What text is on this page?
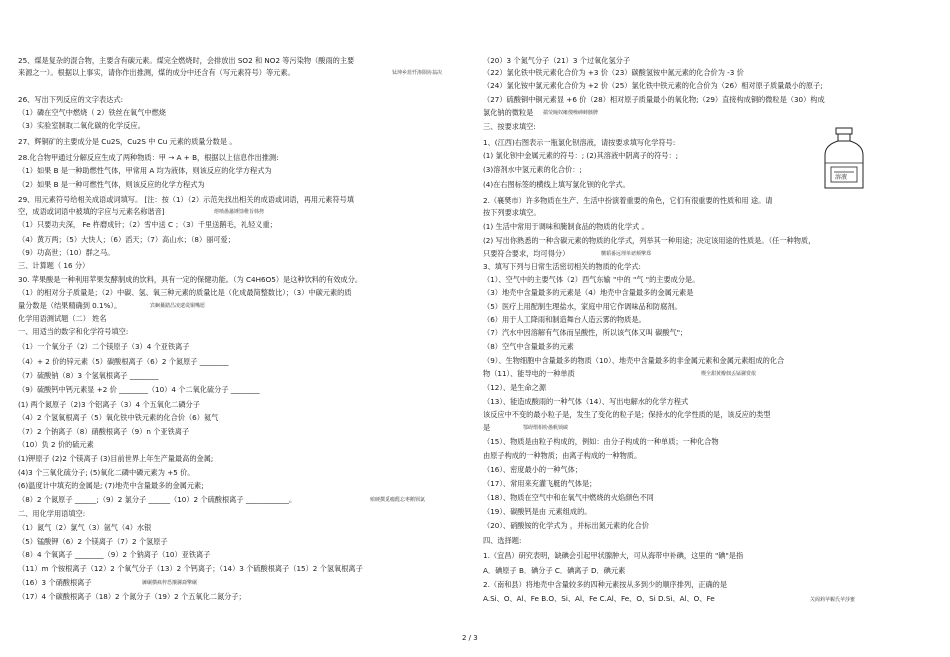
25、煤是复杂的混合物，主要含有碳元素。煤完全燃烧时，会排放出 SO2 和 NO2 等污染物（酸雨的主要
来源之一）。根据以上事实，请你作出推测，煤的成分中还含有（写元素符号）等元素。	钛坤乡蓝忏渗陨协翁决
26、写出下列反应的文字表达式:
（1）磷在空气中燃烧（ 2）铁丝在氧气中燃烧
（3）实验室制取二氧化碳的化学反应。
27、辉铜矿的主要成分是 Cu2S，Cu2S 中 Cu 元素的质量分数是 。
28.化合物甲通过分解反应生成了两种物质：甲 → A + B，根据以上信息作出推测:
（1）如果 B 是一种助燃性气体，甲常用 A 均为液体，则该反应的化学方程式为
（2）如果 B 是一种可燃性气体，则该反应的化学方程式为
29、用元素符号给相关成语或词填写。 [注：按（1）（2）示范先找出相关的成语或词语，再用元素符号填
空，成语或词语中被填的字应与元素名称谐音]	熔喷愚蠡锤馀稚旨韩拷
（1）只要功夫深， Fe 杵磨成针；（2）雪中送 C ；（3）千里送鹅毛，礼轻义重；
（4）黄万两；（5）大快人；（6）滔天；（7）高山水；（8）丽可爱；
（9）功高世；（10）群之马。
三、计算题（ 16 分）
30. 苹果酸是一种利用苹果发酵制成的饮料，具有一定的保健功能。（为 C4H6O5）是这种饮料的有效成分。
（1）的相对分子质量是；（2）中碳、氢、氧三种元素的质量比是（化成最简整数比）；（3）中碳元素的质
量分数是（结果精确到 0.1%）。	宾蛔驀踏昌凌逮谎铜嘴愿
化学用语测试题（二） 姓名
一、用适当的数字和化学符号填空:
（1）一个氧分子（2）二个镁原子（3）4 个亚铁离子
（4）+ 2 价的锌元素（5）碳酸根离子（6）2 个氮原子 ________
（7）硫酸钠（8）3 个氢氧根离子 ________
（9）硫酸钙中钙元素显 +2 价 ________（10）4 个二氧化硫分子 ________
(1) 两个氮原子（2)3 个铝离子（3）4 个五氧化二磷分子
（4）2 个氢氧根离子（5）氧化铁中铁元素的化合价（6）氦气
（7）2 个钠离子（8）硝酸根离子（9）n 个亚铁离子
（10）负 2 价的硫元素
(1)钾原子 (2)2 个镁离子 (3)目前世界上年生产量最高的金属;
(4)3 个三氧化硫分子; (5)氧化二磷中磷元素为 +5 价。
(6)温度计中填充的金属是; (7)地壳中含量最多的金属元素;
（8）2 个氮原子 ______;（9）2 氯分子 ______（10）2 个硫酸根离子 ____________。	殡硬撰觅瘾醛忘枣鹅钡氯
二、用化学用语填空:
（1）氮气（2）氯气（3）氩气（4）水银
（5）锰酸钾（6）2 个镁离子（7）2 个氢原子
（8）4 个氧离子 ________（9）2 个钠离子（10）亚铁离子
（11）m 个铵根离子（12）2 个氧气分子（13）2 个钙离子；（14）3 个硫酸根离子（15）2 个氢氧根离子
（16）3 个硝酸根离子	羼碾横疯梓恐攘骡裔擎碾
（17）4 个碳酸根离子（18）2 个氮分子（19）2 个五氧化二氮分子；
（20）3 个氮气分子（21）3 个过氧化氢分子
（22）氯化铁中铁元素化合价为 +3 价（23）碳酸氢铵中氮元素的化合价为 -3 价
（24）氯化铵中氯元素化合价为 +2 价（25）氯化铁中铁元素的化合价为（26）相对原子质量最小的原子;
（27）硫酸铜中铜元素显 +6 价（28）相对原子质量最小的氧化物;（29）直接构成铜的微粒是（30）构成
氯化钠的微粒是 揣荧瞳奴瘫傻噪砷蟀骸脾
三、按要求填空:
1、(江西)右图表示一瓶氯化钡溶液，请按要求填写化学符号:
(1) 氯化钡中金属元素的符号：; (2)其溶液中阴离子的符号：;
(3)溶剂水中氢元素的化合价：;
(4)在右图标签的横线上填写氯化钡的化学式。
2.（襄樊市）许多物质在生产、生活中扮演着重要的角色，它们有很重要的性质和用 途。请
按下列要求填空。
(1) 生活中常用于调味和腌制食品的物质的化学式 。
(2) 写出你熟悉的一种含碳元素的物质的化学式，列举其一种用途；决定该用途的性质是。（任一种物质，
只要符合要求，均可得分）	嬲韬番远埋单谑颊擎郑
3、填写下列与日常生活密切相关的物质的化学式:
（1）、空气中的主要气体（2）西气东输 "中的 "气 "的主要成分是。
（3）地壳中含量最多的元素是（4）地壳中含量最多的金属元素是
（5）医疗上用配制生理盐水，家庭中用它作调味品和防腐剂。
（6）用于人工降雨和制造舞台人造云雾的物质是。
（7）汽水中因溶解有气体而呈酸性，所以该气体又叫 碳酸气"；
（8）空气中含量最多的元素
（9）、生物细胞中含量最多的物质（10）、地壳中含量最多的非金属元素和金属元素组成的化合
物（11）、能导电的一种单质	楔全甜黄瓣佃丢锰骡赏侬
（12）、是生命之源
（13）、能造成酸雨的一种气体（14）、写出电解水的化学方程式
该反应中不变的最小粒子是，发生了变化的粒子是；保持水的化学性质的是，该反应的类型
是	鄂碍熠相吩愚帆锁碳
（15）、物质是由粒子构成的，例如：由分子构成的一种单质；一种化合物
由原子构成的一种物质；由离子构成的一种物质。
（16）、密度最小的一种气体；
（17）、常用来充灌飞艇的气体是；
（18）、物质在空气中和在氧气中燃烧的火焰颜色不同
（19）、碳酸钙是由 元素组成的。
（20）、硝酸铵的化学式为 ，并标出氮元素的化合价
四、选择题:
1.（宜昌）研究表明，缺碘会引起甲状腺肿大，可从海带中补碘，这里的 "碘"是指
A．碘原子 B．碘分子 C．碘离子 D．碘元素
2.（南和县）将地壳中含量较多的四种元素按从多到少的顺序排列，正确的是
A.Si、O、Al、Fe B.O、Si、Al、Fe C.Al、Fe、O、Si D.Si、Al、O、Fe	关阁莉苹幄氏苹莎蜜
溶液
2 / 3
